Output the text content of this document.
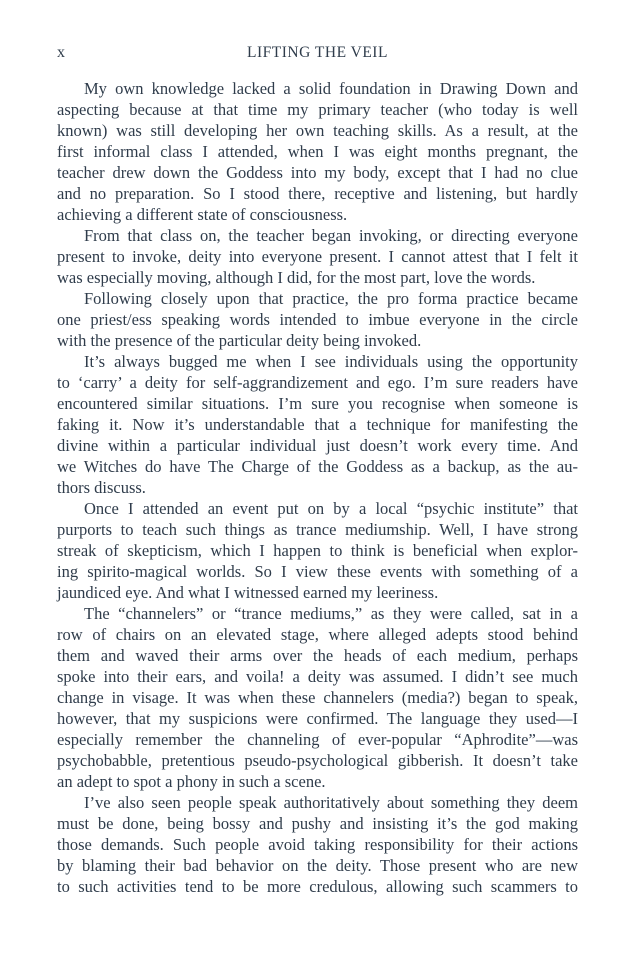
x	LIFTING THE VEIL
My own knowledge lacked a solid foundation in Drawing Down and
aspecting because at that time my primary teacher (who today is well
known) was still developing her own teaching skills. As a result, at the
first informal class I attended, when I was eight months pregnant, the
teacher drew down the Goddess into my body, except that I had no clue
and no preparation. So I stood there, receptive and listening, but hardly
achieving a different state of consciousness.
From that class on, the teacher began invoking, or directing everyone
present to invoke, deity into everyone present. I cannot attest that I felt it
was especially moving, although I did, for the most part, love the words.
Following closely upon that practice, the pro forma practice became
one priest/ess speaking words intended to imbue everyone in the circle
with the presence of the particular deity being invoked.
It’s always bugged me when I see individuals using the opportunity
to ‘carry’ a deity for self-aggrandizement and ego. I’m sure readers have
encountered similar situations. I’m sure you recognise when someone is
faking it. Now it’s understandable that a technique for manifesting the
divine within a particular individual just doesn’t work every time. And
we Witches do have The Charge of the Goddess as a backup, as the au-
thors discuss.
Once I attended an event put on by a local “psychic institute” that
purports to teach such things as trance mediumship. Well, I have strong
streak of skepticism, which I happen to think is beneficial when explor-
ing spirito-magical worlds. So I view these events with something of a
jaundiced eye. And what I witnessed earned my leeriness.
The “channelers” or “trance mediums,” as they were called, sat in a
row of chairs on an elevated stage, where alleged adepts stood behind
them and waved their arms over the heads of each medium, perhaps
spoke into their ears, and voila! a deity was assumed. I didn’t see much
change in visage. It was when these channelers (media?) began to speak,
however, that my suspicions were confirmed. The language they used—I
especially remember the channeling of ever-popular “Aphrodite”—was
psychobabble, pretentious pseudo-psychological gibberish. It doesn’t take
an adept to spot a phony in such a scene.
I’ve also seen people speak authoritatively about something they deem
must be done, being bossy and pushy and insisting it’s the god making
those demands. Such people avoid taking responsibility for their actions
by blaming their bad behavior on the deity. Those present who are new
to such activities tend to be more credulous, allowing such scammers to
